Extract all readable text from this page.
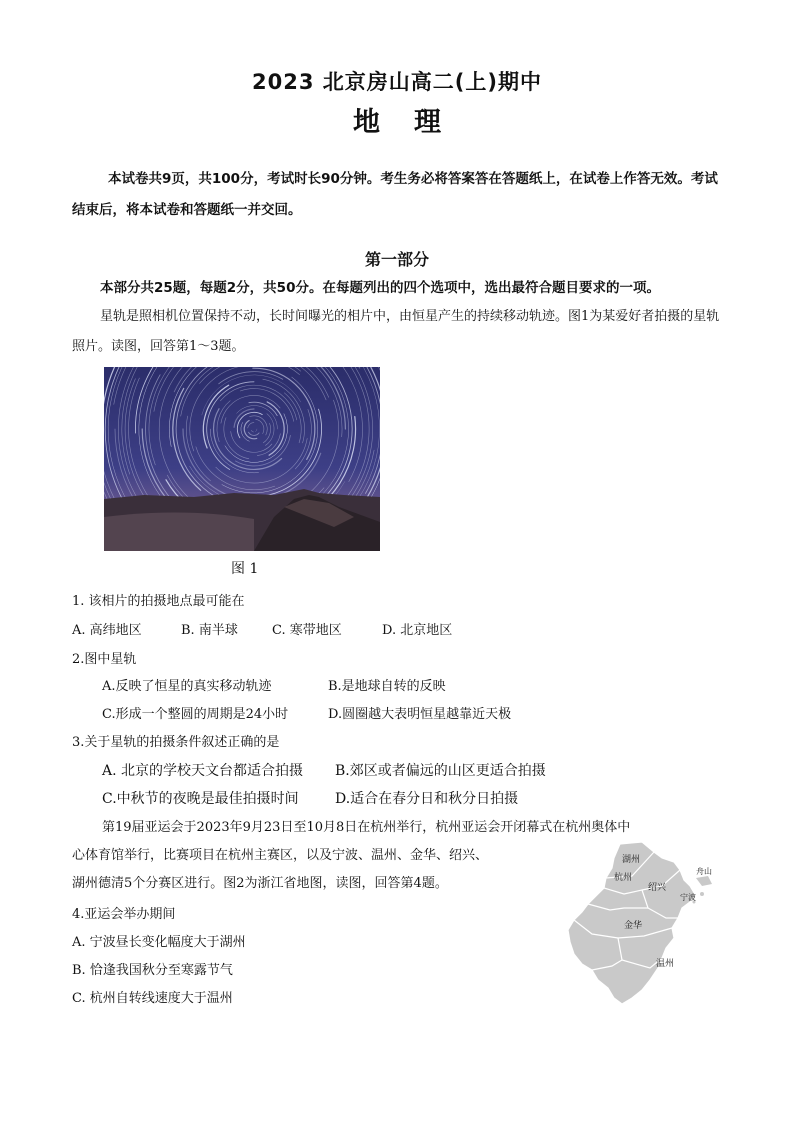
2023 北京房山高二(上)期中
地理
本试卷共9页，共100分，考试时长90分钟。考生务必将答案答在答题纸上，在试卷上作答无效。考试结束后，将本试卷和答题纸一并交回。
第一部分
本部分共25题，每题2分，共50分。在每题列出的四个选项中，选出最符合题目要求的一项。
星轨是照相机位置保持不动，长时间曝光的相片中，由恒星产生的持续移动轨迹。图1为某爱好者拍摄的星轨照片。读图，回答第1～3题。
图 1
1. 该相片的拍摄地点最可能在
A. 高纬地区	B. 南半球	C. 寒带地区	D. 北京地区
2.图中星轨
A.反映了恒星的真实移动轨迹	B.是地球自转的反映
C.形成一个整圆的周期是24小时	D.圆圈越大表明恒星越靠近天极
3.关于星轨的拍摄条件叙述正确的是
A. 北京的学校天文台都适合拍摄 B.郊区或者偏远的山区更适合拍摄
C.中秋节的夜晚是最佳拍摄时间	D.适合在春分日和秋分日拍摄
第19届亚运会于2023年9月23日至10月8日在杭州举行，杭州亚运会开闭幕式在杭州奥体中
心体育馆举行，比赛项目在杭州主赛区，以及宁波、温州、金华、绍兴、
湖州德清5个分赛区进行。图2为浙江省地图，读图，回答第4题。
湖州
杭州
绍兴
宁波
舟山
金华
温州
4.亚运会举办期间
A. 宁波昼长变化幅度大于湖州
B. 恰逢我国秋分至寒露节气
C. 杭州自转线速度大于温州
